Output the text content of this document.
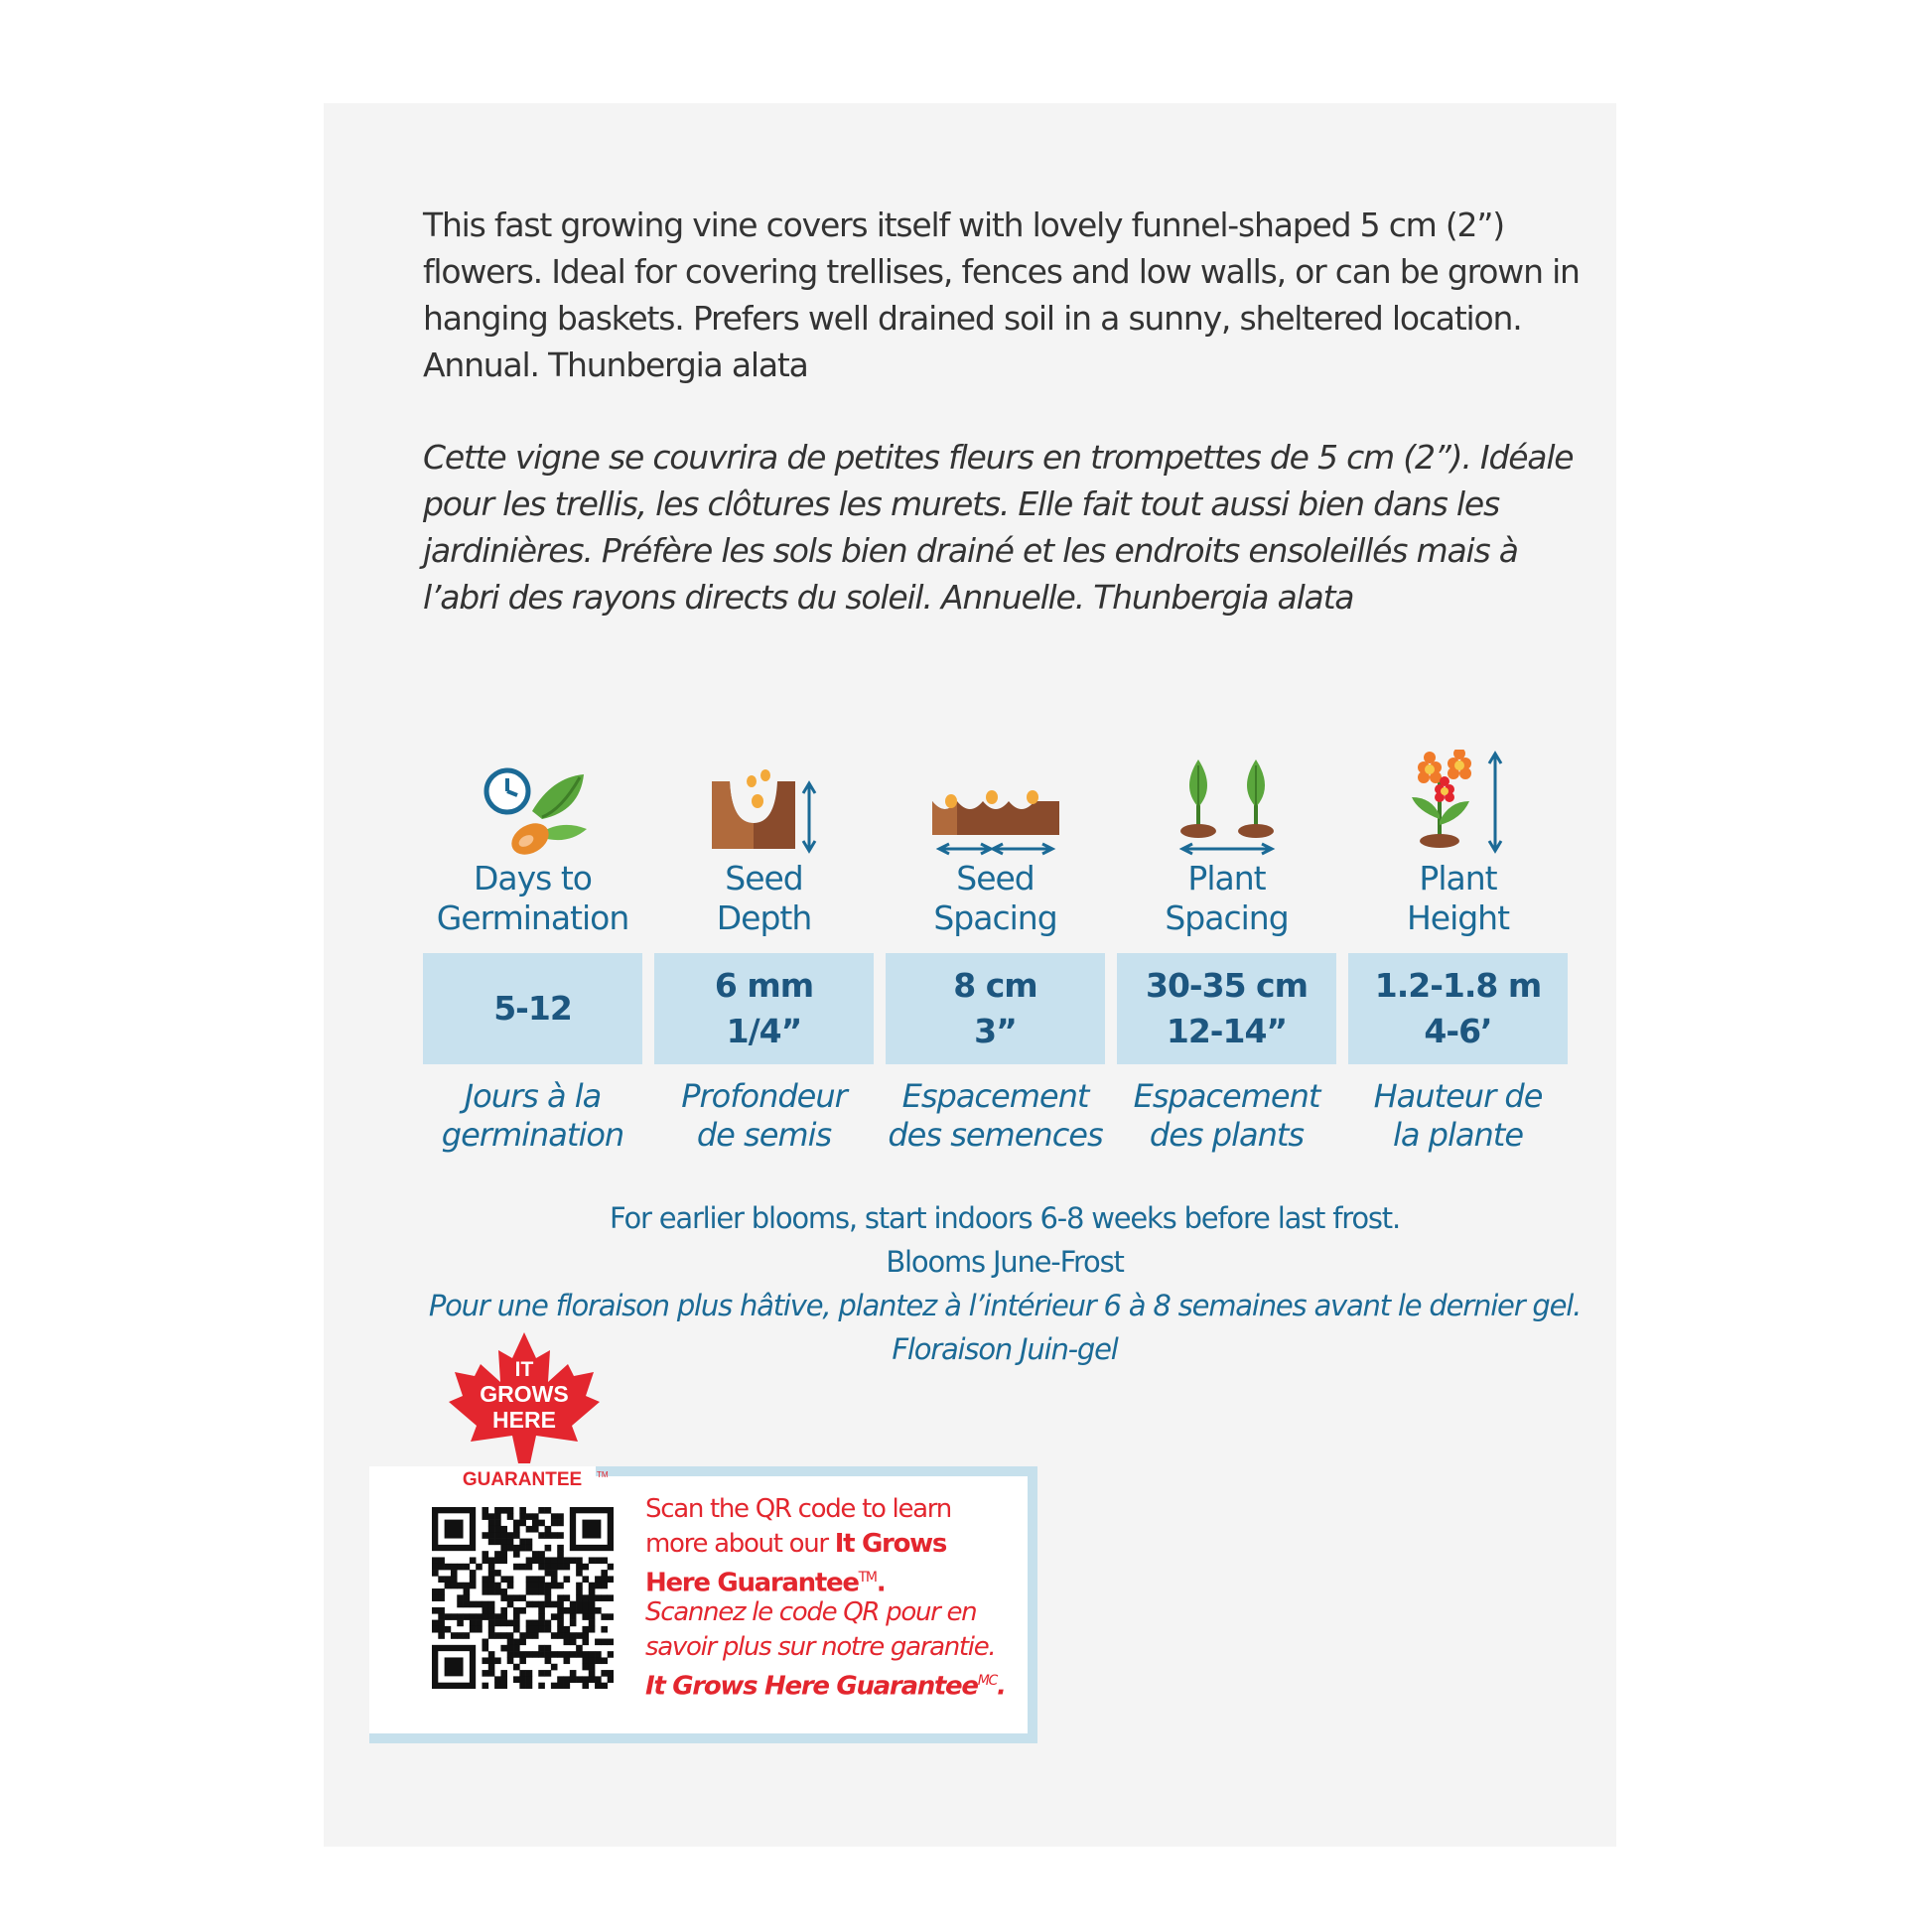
This fast growing vine covers itself with lovely funnel-shaped 5 cm (2”) flowers. Ideal for covering trellises, fences and low walls, or can be grown in hanging baskets. Prefers well drained soil in a sunny, sheltered location. Annual. Thunbergia alata

Cette vigne se couvrira de petites fleurs en trompettes de 5 cm (2”). Idéale pour les trellis, les clôtures les murets. Elle fait tout aussi bien dans les jardinières. Préfère les sols bien drainé et les endroits ensoleillés mais à l’abri des rayons directs du soleil. Annuelle. Thunbergia alata

Days to
Germination
5-12
Jours à la
germination
Seed
Depth
6 mm
1/4”
Profondeur
de semis
Seed
Spacing
8 cm
3”
Espacement
des semences
Plant
Spacing
30-35 cm
12-14”
Espacement
des plants
Plant
Height
1.2-1.8 m
4-6’
Hauteur de
la plante
For earlier blooms, start indoors 6-8 weeks before last frost.
Blooms June-Frost
Pour une floraison plus hâtive, plantez à l’intérieur 6 à 8 semaines avant le dernier gel.
Floraison Juin-gel
IT
GROWS
HERE
GUARANTEE TM
Scan the QR code to learn more about our It Grows Here Guarantee™.
Scannez le code QR pour en savoir plus sur notre garantie. It Grows Here Guarantee$^{MC}$.
